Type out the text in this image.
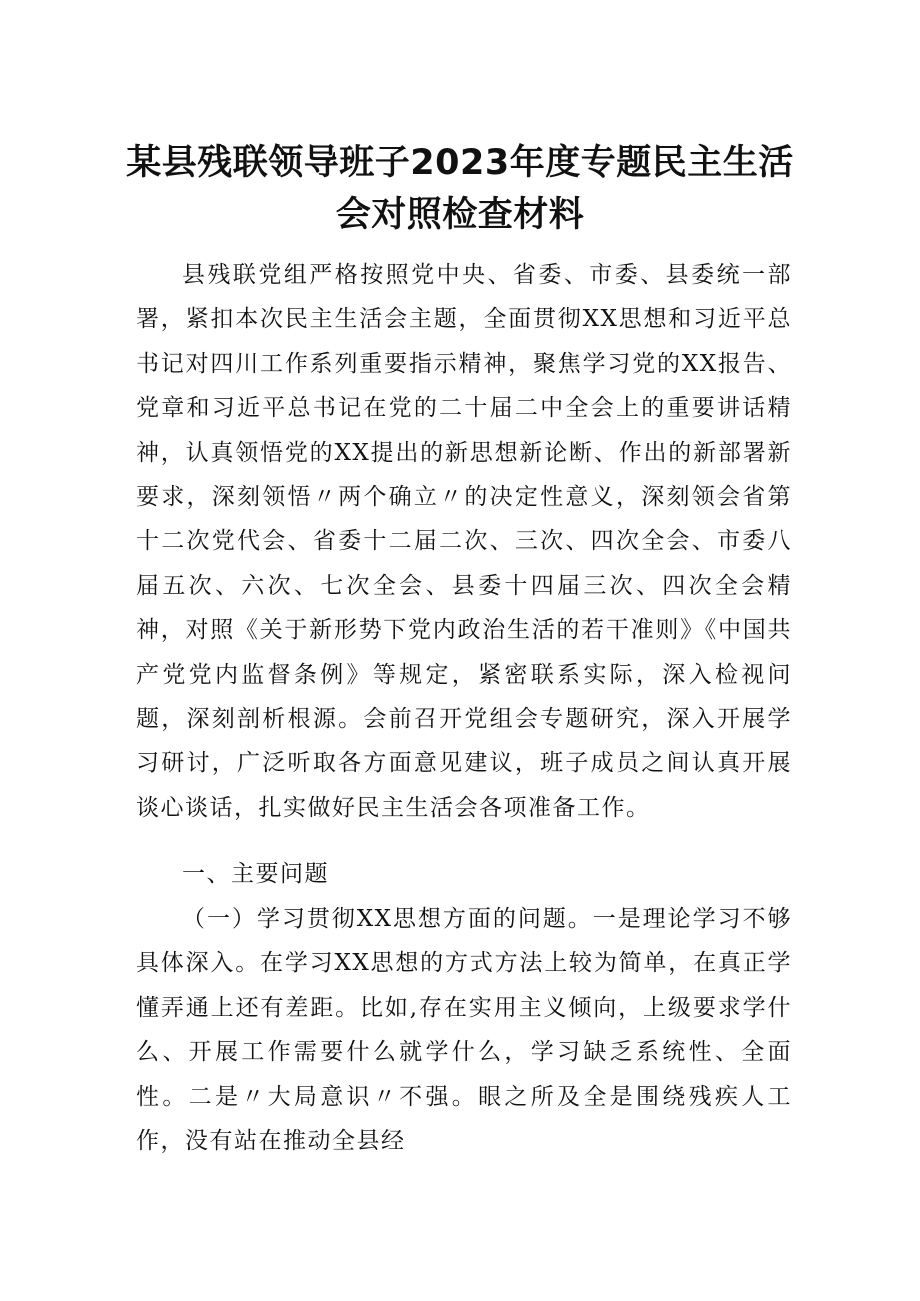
某县残联领导班子2023年度专题民主生活
会对照检查材料

县残联党组严格按照党中央、省委、市委、县委统一部署，紧扣本次民主生活会主题，全面贯彻XX思想和习近平总书记对四川工作系列重要指示精神，聚焦学习党的XX报告、党章和习近平总书记在党的二十届二中全会上的重要讲话精神，认真领悟党的XX提出的新思想新论断、作出的新部署新要求，深刻领悟〃两个确立〃的决定性意义，深刻领会省第十二次党代会、省委十二届二次、三次、四次全会、市委八届五次、六次、七次全会、县委十四届三次、四次全会精神，对照《关于新形势下党内政治生活的若干准则》《中国共产党党内监督条例》等规定，紧密联系实际，深入检视问题，深刻剖析根源。会前召开党组会专题研究，深入开展学习研讨，广泛听取各方面意见建议，班子成员之间认真开展谈心谈话，扎实做好民主生活会各项准备工作。

一、主要问题

（一）学习贯彻XX思想方面的问题。一是理论学习不够具体深入。在学习XX思想的方式方法上较为简单，在真正学懂弄通上还有差距。比如,存在实用主义倾向，上级要求学什么、开展工作需要什么就学什么，学习缺乏系统性、全面性。二是〃大局意识〃不强。眼之所及全是围绕残疾人工作，没有站在推动全县经
